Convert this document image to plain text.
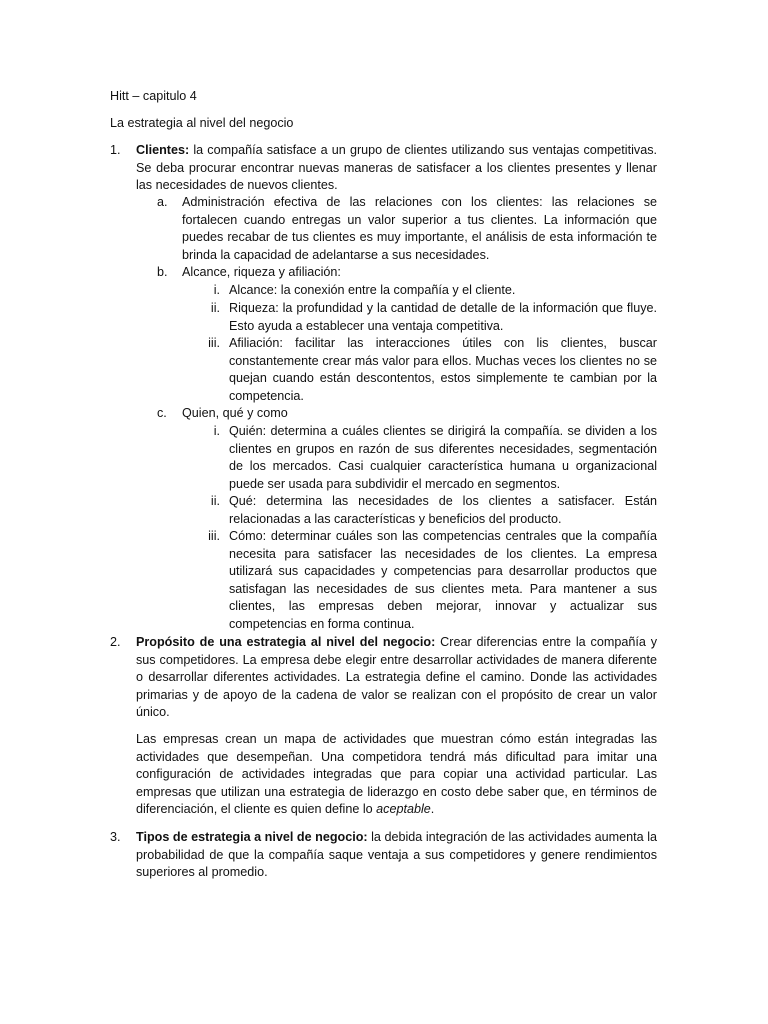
Hitt – capitulo 4
La estrategia al nivel del negocio
1. Clientes: la compañía satisface a un grupo de clientes utilizando sus ventajas competitivas. Se deba procurar encontrar nuevas maneras de satisfacer a los clientes presentes y llenar las necesidades de nuevos clientes.

a. Administración efectiva de las relaciones con los clientes: las relaciones se fortalecen cuando entregas un valor superior a tus clientes. La información que puedes recabar de tus clientes es muy importante, el análisis de esta información te brinda la capacidad de adelantarse a sus necesidades.

b. Alcance, riqueza y afiliación:

i. Alcance: la conexión entre la compañía y el cliente.

ii. Riqueza: la profundidad y la cantidad de detalle de la información que fluye. Esto ayuda a establecer una ventaja competitiva.

iii. Afiliación: facilitar las interacciones útiles con lis clientes, buscar constantemente crear más valor para ellos. Muchas veces los clientes no se quejan cuando están descontentos, estos simplemente te cambian por la competencia.

c. Quien, qué y como

i. Quién: determina a cuáles clientes se dirigirá la compañía. se dividen a los clientes en grupos en razón de sus diferentes necesidades, segmentación de los mercados. Casi cualquier característica humana u organizacional puede ser usada para subdividir el mercado en segmentos.

ii. Qué: determina las necesidades de los clientes a satisfacer. Están relacionadas a las características y beneficios del producto.

iii. Cómo: determinar cuáles son las competencias centrales que la compañía necesita para satisfacer las necesidades de los clientes. La empresa utilizará sus capacidades y competencias para desarrollar productos que satisfagan las necesidades de sus clientes meta. Para mantener a sus clientes, las empresas deben mejorar, innovar y actualizar sus competencias en forma continua.

2. Propósito de una estrategia al nivel del negocio: Crear diferencias entre la compañía y sus competidores. La empresa debe elegir entre desarrollar actividades de manera diferente o desarrollar diferentes actividades. La estrategia define el camino. Donde las actividades primarias y de apoyo de la cadena de valor se realizan con el propósito de crear un valor único.

Las empresas crean un mapa de actividades que muestran cómo están integradas las actividades que desempeñan. Una competidora tendrá más dificultad para imitar una configuración de actividades integradas que para copiar una actividad particular. Las empresas que utilizan una estrategia de liderazgo en costo debe saber que, en términos de diferenciación, el cliente es quien define lo aceptable.

3. Tipos de estrategia a nivel de negocio: la debida integración de las actividades aumenta la probabilidad de que la compañía saque ventaja a sus competidores y genere rendimientos superiores al promedio.
